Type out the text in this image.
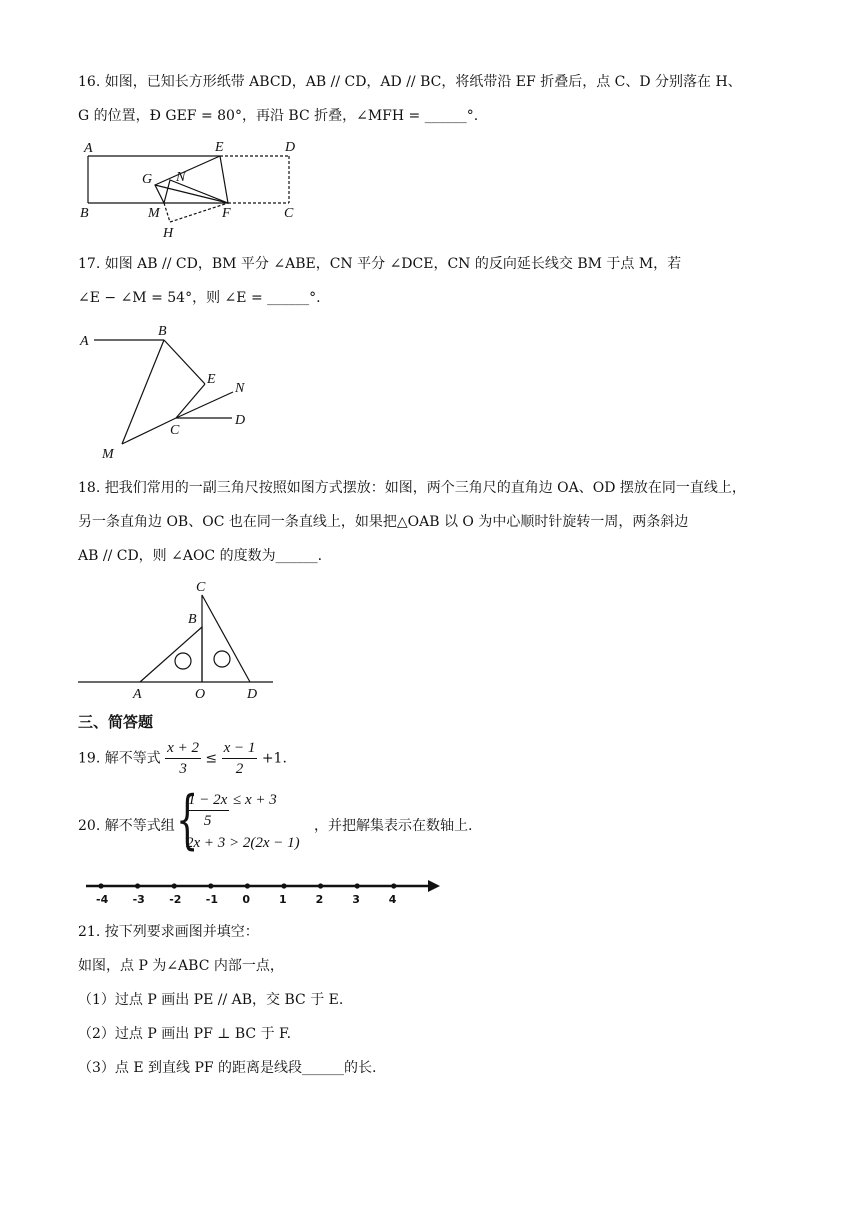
16. 如图，已知长方形纸带 ABCD，AB // CD，AD // BC，将纸带沿 EF 折叠后，点 C、D 分别落在 H、
G 的位置，Ð GEF = 80°，再沿 BC 折叠，∠MFH = ______°.
A	E	D
G N
B	M	F	C
H
17. 如图 AB // CD，BM 平分 ∠ABE，CN 平分 ∠DCE，CN 的反向延长线交 BM 于点 M，若
∠E − ∠M = 54°，则 ∠E = ______°.
A
B
E
N
D
C
M
18. 把我们常用的一副三角尺按照如图方式摆放：如图，两个三角尺的直角边 OA、OD 摆放在同一直线上，
另一条直角边 OB、OC 也在同一条直线上，如果把△OAB 以 O 为中心顺时针旋转一周，两条斜边
AB // CD，则 ∠AOC 的度数为______.
C
B
A	O	D
三、简答题
19. 解不等式 $\frac{x + 2}{3} \le \frac{x - 1}{2} +1$.
20. 解不等式组 {
$\frac{1 - 2x}{5} \le x + 3$
2x + 3 > 2(2x − 1)
，并把解集表示在数轴上.
-4 -3 -2 -1 0	1	2	3	4
21. 按下列要求画图并填空：
如图，点 P 为∠ABC 内部一点，
（1）过点 P 画出 PE // AB，交 BC 于 E.
（2）过点 P 画出 PF ⊥ BC 于 F.
（3）点 E 到直线 PF 的距离是线段______的长.
